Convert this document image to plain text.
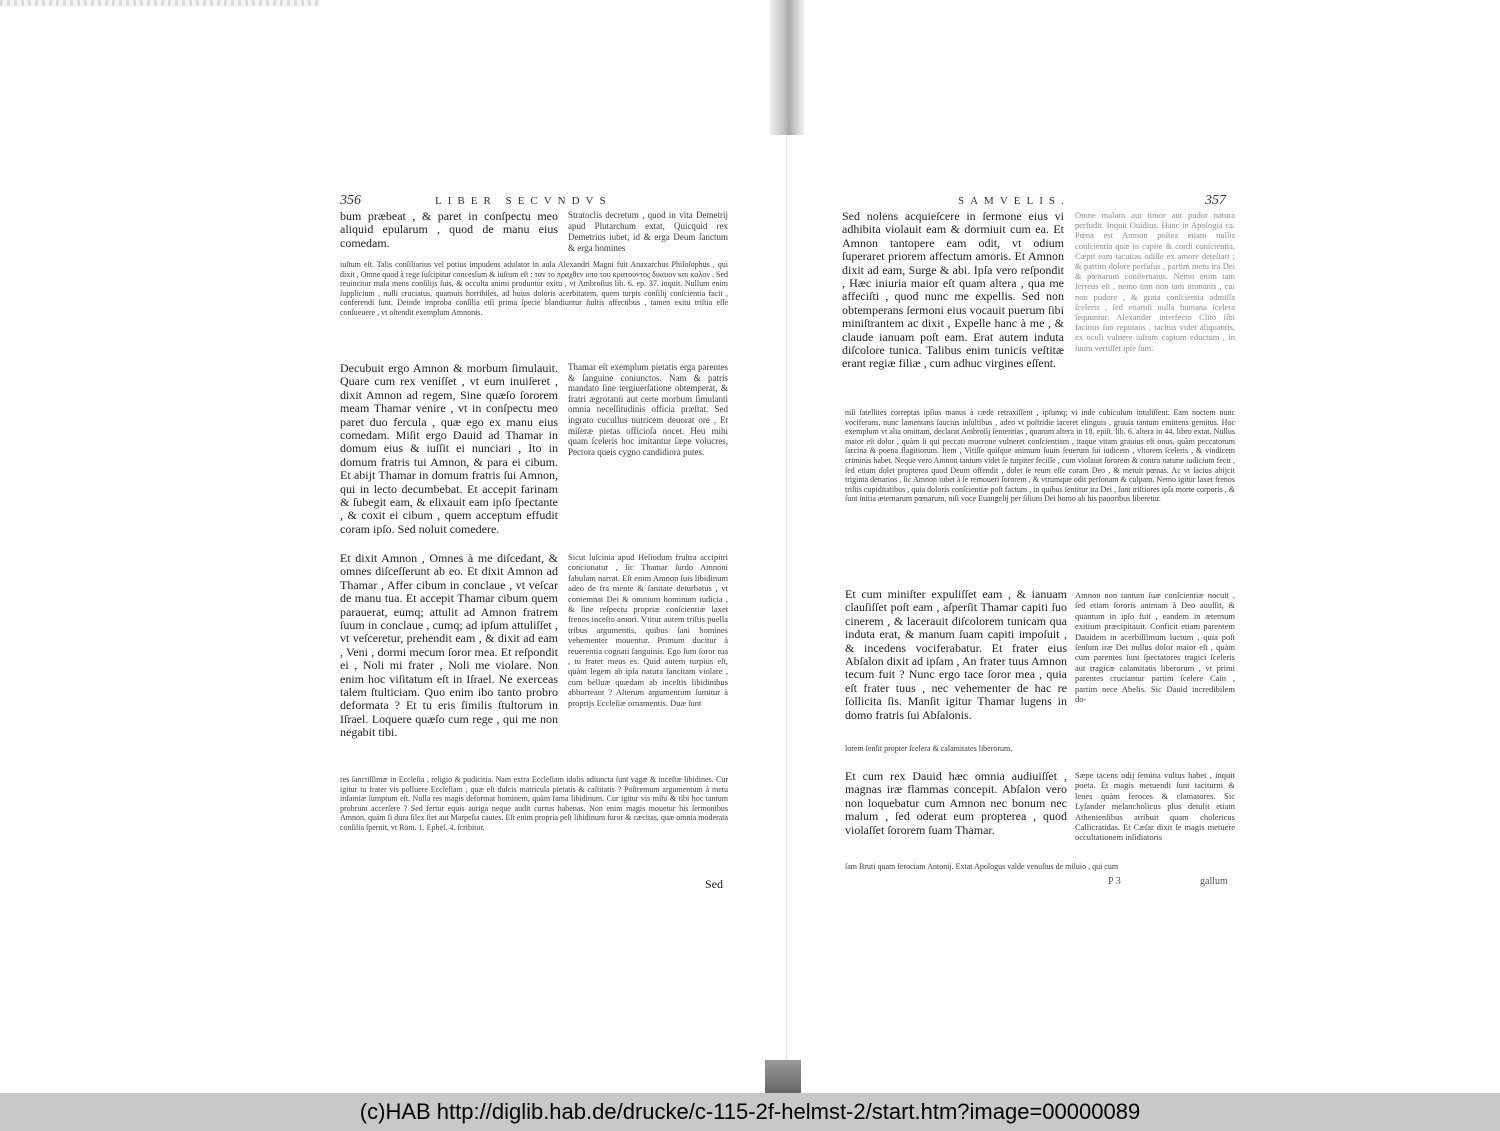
356	LIBER SECVNDVS
bum præbeat , & paret in conſpectu meo aliquid epularum , quod de manu eius comedam.
Stratoclis decretum , quod in vita Demetrij apud Plutarchum extat, Quicquid rex Demetrius iubet, id & erga Deum ſanctum & erga homines
iuſtum eſt. Talis conſiliarius vel potius impudens adulator in aula Alexandri Magni fuit Anaxarchus Philoſophus , qui dixit , Omne quod à rege ſuſcipitur concesſum & iuſtum eſt : ταν το πραχθεν υπο του κρατουντος δικαιον και καλον . Sed reuincitur mala mens conſilijs ſuis, & occulta animi produntur exitu , vt Ambroſius lib. 6. ep. 37. inquit. Nullum enim ſupplicium , nulli cruciatus, quamuis horribiles, ad huius doloris acerbitatem, quem turpis conſilij conſcientia facit , conferendi ſunt. Deinde improba conſilia etſi prima ſpecie blandiuntur ſtultis affectibus , tamen exitu triſtia eſſe conſueuere , vt oſtendit exemplum Amnonis.
Decubuit ergo Amnon & morbum ſimulauit. Quare cum rex veniſſet , vt eum inuiſeret , dixit Amnon ad regem, Sine quæſo ſororem meam Thamar venire , vt in conſpectu meo paret duo fercula , quæ ego ex manu eius comedam. Miſit ergo Dauid ad Thamar in domum eius & iuſſit ei nunciari , Ito in domum fratris tui Amnon, & para ei cibum. Et abijt Thamar in domum fratris ſui Amnon, qui in lecto decumbebat. Et accepit farinam & ſubegit eam, & elixauit eam ipſo ſpectante , & coxit ei cibum , quem acceptum effudit coram ipſo. Sed noluit comedere.
Thamar eſt exemplum pietatis erga parentes & ſanguine coniunctos. Nam & patris mandato ſine tergiuerſatione obtemperat, & fratri ægrotanti aut certe morbum ſimulanti omnia neceſſitudinis officia præſtat. Sed ingrato cucullus nutricem deuorat ore , Et miſeræ pietas officioſa nocet. Heu mihi quam ſceleris hoc imitantur ſæpe volucres, Pectora queis cygno candidiora putes.
Et dixit Amnon , Omnes à me diſcedant, & omnes diſceſſerunt ab eo. Et dixit Amnon ad Thamar , Affer cibum in conclaue , vt veſcar de manu tua. Et accepit Thamar cibum quem parauerat, eumq; attulit ad Amnon fratrem ſuum in conclaue , cumq; ad ipſum attuliſſet , vt veſceretur, prehendit eam , & dixit ad eam , Veni , dormi mecum ſoror mea. Et reſpondit ei , Noli mi frater , Noli me violare. Non enim hoc viſitatum eſt in Iſrael. Ne exerceas talem ſtulticiam. Quo enim ibo tanto probro deformata ? Et tu eris ſimilis ſtultorum in Iſrael. Loquere quæſo cum rege , qui me non negabit tibi.
Sicut luſcinia apud Heſiodum fruſtra accipitri concionatur , ſic Thamar ſurdo Amnoni fabulam narrat. Eſt enim Amnon ſuis libidinum adeo de fra mente & ſanitate deturbatus , vt contemnat Dei & omnium hominum iudicia , & ſine reſpectu propriæ conſcientiæ laxet frenos inceſto amori. Vtitur autem triſtis puella tribus argumentis, quibus ſani homines vehementer mouentur. Primum ducitur à reuerentia cognati ſanguinis. Ego ſum ſoror tua , tu frater meus es. Quid autem turpius eſt, quàm legem ab ipſa natura ſancitam violare , cum belluæ quædam ab inceſtis libidinibus abhorreant ? Alterum argumentum ſumitur à proprijs Eccleſiæ ornamentis. Duæ ſunt
res ſanctiſſimæ in Eccleſia , religio & pudicitia. Nam extra Eccleſiam idolis adiuncta ſunt vagæ & inceſtæ libidines. Cur igitur tu frater vis polluere Eccleſiam , quæ eſt dulcis matricula pietatis & caſtitatis ? Poſtremum argumentum à metu infamiæ ſumptum eſt. Nulla res magis deformat hominem, quàm fama libidinum. Cur igitur vis mihi & tibi hoc tantum probrum accerſere ? Sed fertur equis auriga neque audit currus habenas. Non enim magis mouetur his ſermonibus Amnon, quàm ſi dura ſilex ſtet aut Marpeſia cautes. Eſt enim propria peſt libidinum furor & cæcitas, quæ omnia moderata conſilia ſpernit, vt Rom. 1. Epheſ. 4. ſcribitur.
Sed
SAMVELIS.	357
Sed nolens acquieſcere in ſermone eius vi adhibita violauit eam & dormiuit cum ea. Et Amnon tantopere eam odit, vt odium ſuperaret priorem affectum amoris. Et Amnon dixit ad eam, Surge & abi. Ipſa vero reſpondit , Hæc iniuria maior eſt quam altera , qua me affeciſti , quod nunc me expellis. Sed non obtemperans ſermoni eius vocauit puerum ſibi miniſtrantem ac dixit , Expelle hanc à me , & claude ianuam poſt eam. Erat autem induta diſcolore tunica. Talibus enim tunicis veſtitæ erant regiæ filiæ , cum adhuc virgines eſſent.
Omne malum aut timor aut pudor natura perfudit. Inquit Ouidius. Hanc in Apologia ca. Pœna est Amnon poſtea etiam nullis conſcientia quæ in capite & cordi conſcientia. Cæpit eam tacuitas odiſſe ex amore deteſtari ; & partim dolore perfuſus , partim metu ira Dei & pœnarum conſternatus. Nemo enim tam ferreus eſt , nemo tam non tam immanis , cui non pudore , & grata conſcientia admiſſa ſceleris , ſed etiamſi nulla humana ſcelera ſequuntur. Alexander interfecto Clito ſibi facinus ſuo reputans , tacitus videt aliquantis, ex oculi vulnere iuſtum captum eductum , in ſuum vertiſſet ipſe ſum.
niſi ſatellites correptas ipſius manus à cæde retraxiſſent , ipſumq; vi inde cubiculum intuliſſent. Eam noctem nunc vociferans, nunc lamentans ſaucius inſultibus , adeo vt poſtridie iaceret elinguis , grauia tantum emittens gemitus. Hoc exemplum vt alia omittam, declarat Ambroſij ſententias , quarum altera in 18. epiſt. lib. 6. altera in 44. libro extat. Nullus maior eſt dolor , quàm ſi qui peccati mucrone vulneret conſcientiam , itaque vitam grauius eſt onus, quàm peccatorum ſarcina & poena flagitiorum. Item , Vitiſſe quiſque animum ſuum ſeuerum ſui iudicem , vltorem ſceleris , & vindicem criminis habet. Neque vero Amnon tantum videt ſe turpiter feciſſe , cum violauit ſororem & contra naturæ iudicium fecit , ſed etiam dolet propterea quod Deum offendit , dolet ſe reum eſſe coram Deo , & metuit pœnas. Ac vt ſacius abijcit triginta denarios , ſic Amnon iubet à ſe remoueri ſororem , & vtrumque odit perſonam & culpam. Nemo igitur laxet frenos triſtis cupiditatibus , quia doloris conſcientiæ poſt factum , in quibus ſentitur ira Dei , ſunt triſtiores ipſa morte corporis , & ſunt initia æternarum pœnarum, niſi voce Euangelij per ſilium Dei homo ab his pauoribus liberetur.
Et cum miniſter expuliſſet eam , & ianuam clauſiſſet poſt eam , aſperſit Thamar capiti ſuo cinerem , & lacerauit diſcolorem tunicam qua induta erat, & manum ſuam capiti impoſuit , & incedens vociferabatur. Et frater eius Abſalon dixit ad ipſam , An frater tuus Amnon tecum fuit ? Nunc ergo tace ſoror mea , quia eſt frater tuus , nec vehementer de hac re ſollicita ſis. Manſit igitur Thamar lugens in domo fratris ſui Abſalonis.
Amnon non tantum ſuæ conſcientiæ nocuit , ſed etiam ſororis animam à Deo auulſit, & quantum in ipſo fuit , eandem in æternum exitium præcipitauit. Conficit etiam parentem Dauidem in acerbiſſimum luctum , quia poſt ſenſum iræ Dei nullus dolor maior eſt , quàm cum parentes ſunt ſpectatores tragici ſceleris aut tragicæ calamitatis liberorum , vt primi parentes cruciantur partim ſcelere Cain , partim nece Abelis. Sic Dauid incredibilem do-
lorem ſenſit propter ſcelera & calamitates liberorum.
Et cum rex Dauid hæc omnia audiuiſſet , magnas iræ flammas concepit. Abſalon vero non loquebatur cum Amnon nec bonum nec malum , ſed oderat eum propterea , quod violaſſet ſororem ſuam Thamar.
Sæpe tacens odij ſemina vultus habet , inquit poeta. Et magis metuendi ſunt taciturni & lenes quàm feroces & clamatores. Sic Lyſander melancholicus plus detulit etiam Athenienſibus atribuit quam cholericus Callicratidas. Et Cæſar dixit ſe magis metuere occultationem inſidiatoris
ſam Bruti quam ferociam Antonij. Extat Apologus valde venuſtus de miluio , qui cum
P 3	gallum
(c)HAB http://diglib.hab.de/drucke/c-115-2f-helmst-2/start.htm?image=00000089
